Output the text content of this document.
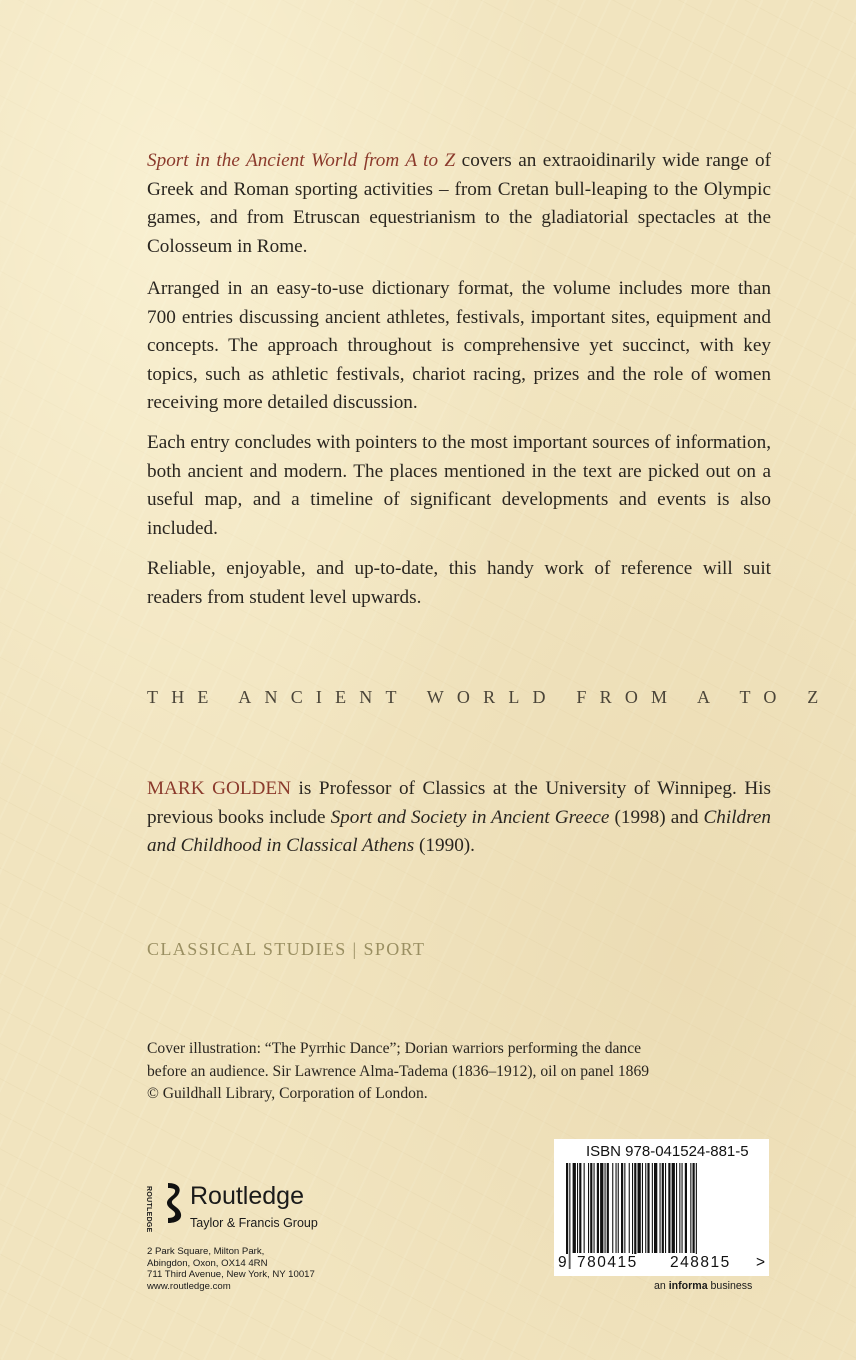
Sport in the Ancient World from A to Z covers an extraoidinarily wide range of Greek and Roman sporting activities – from Cretan bull-leaping to the Olympic games, and from Etruscan equestrianism to the gladiatorial spectacles at the Colosseum in Rome.

Arranged in an easy-to-use dictionary format, the volume includes more than 700 entries discussing ancient athletes, festivals, important sites, equipment and concepts. The approach throughout is comprehensive yet succinct, with key topics, such as athletic festivals, chariot racing, prizes and the role of women receiving more detailed discussion.

Each entry concludes with pointers to the most important sources of information, both ancient and modern. The places mentioned in the text are picked out on a useful map, and a timeline of significant developments and events is also included.

Reliable, enjoyable, and up-to-date, this handy work of reference will suit readers from student level upwards.

THE ANCIENT WORLD FROM A TO Z

MARK GOLDEN is Professor of Classics at the University of Winnipeg. His previous books include Sport and Society in Ancient Greece (1998) and Children and Childhood in Classical Athens (1990).

CLASSICAL STUDIES | SPORT

Cover illustration: “The Pyrrhic Dance”; Dorian warriors performing the dance
before an audience. Sir Lawrence Alma-Tadema (1836–1912), oil on panel 1869
© Guildhall Library, Corporation of London.

ROUTLEDGE Routledge
Taylor & Francis Group
2 Park Square, Milton Park,
Abingdon, Oxon, OX14 4RN
711 Third Avenue, New York, NY 10017
www.routledge.com
ISBN 978-041524-881-5
9 780415 248815 >
an informa business
